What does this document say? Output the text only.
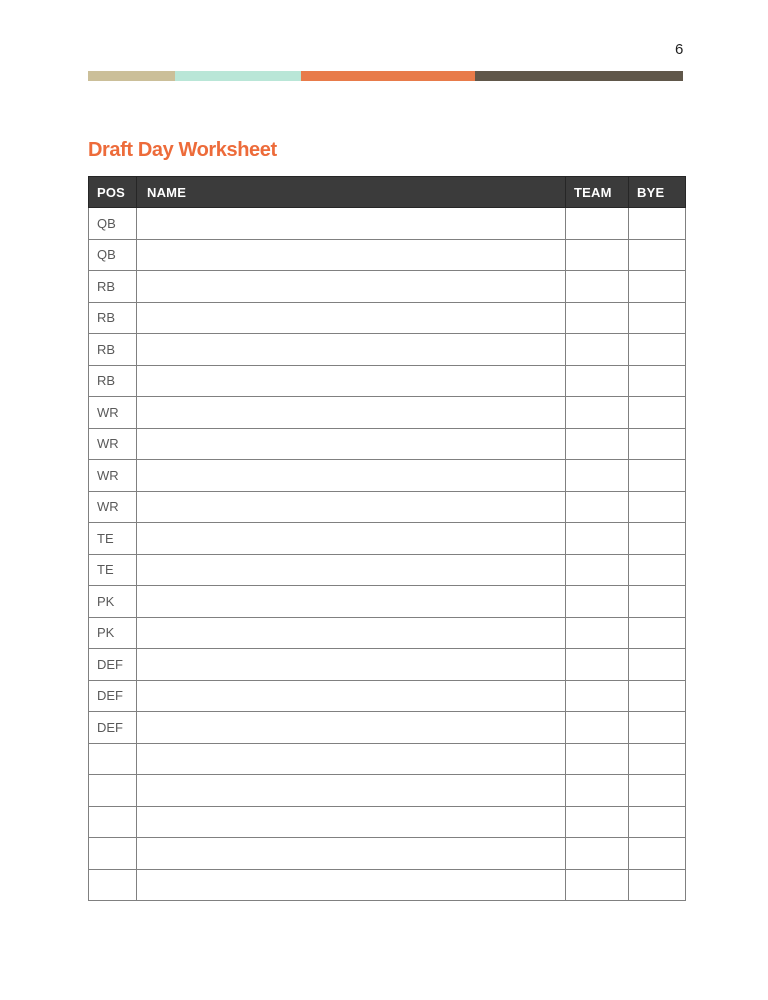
6
Draft Day Worksheet
POS	NAME	TEAM	BYE
QB			
QB			
RB			
RB			
RB			
RB			
WR			
WR			
WR			
WR			
TE			
TE			
PK			
PK			
DEF			
DEF			
DEF			
